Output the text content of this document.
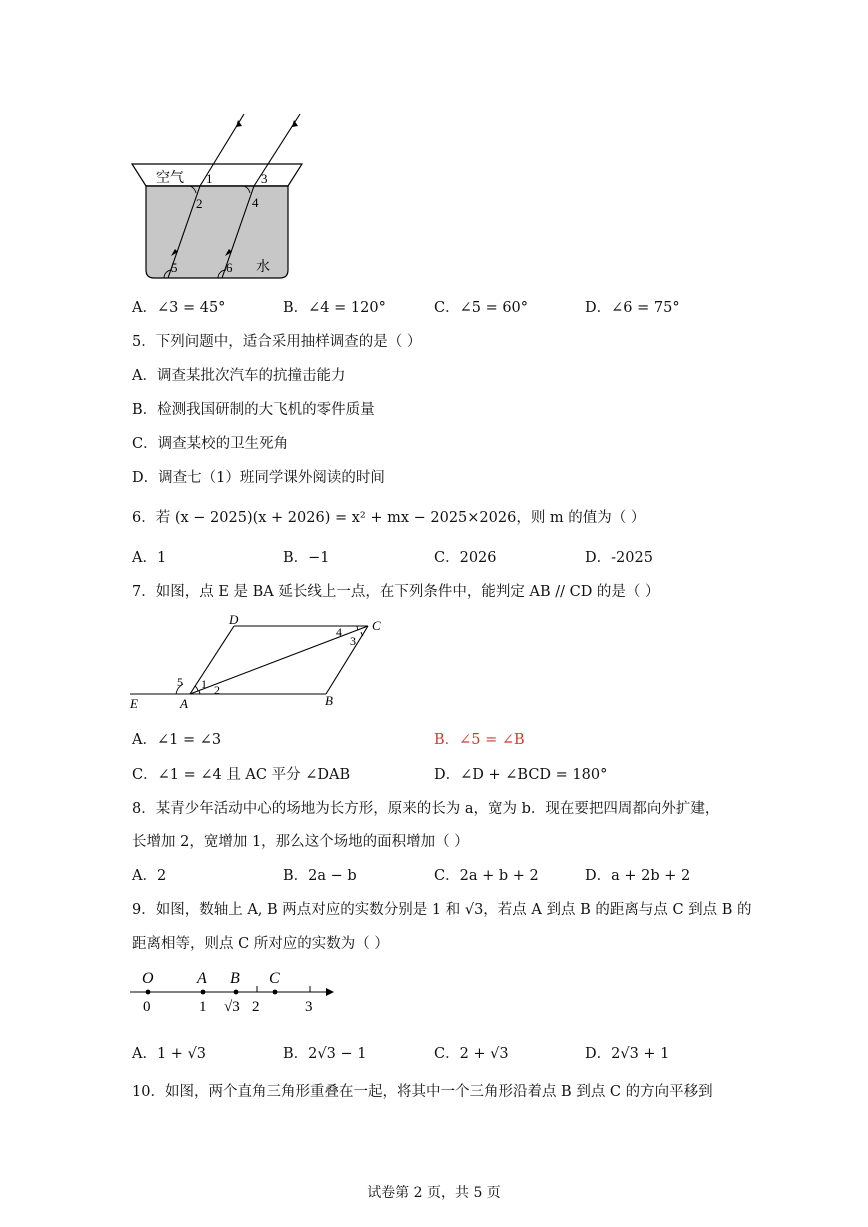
空气
水
1
2
3
4
5	6
A．∠3 = 45°	B．∠4 = 120°	C．∠5 = 60°	D．∠6 = 75°
5．下列问题中，适合采用抽样调查的是（ ）
A．调查某批次汽车的抗撞击能力
B．检测我国研制的大飞机的零件质量
C．调查某校的卫生死角
D．调查七（1）班同学课外阅读的时间
6．若 (x − 2025)(x + 2026) = x² + mx − 2025×2026，则 m 的值为（ ）
A．1	B．−1	C．2026	D．-2025
7．如图，点 E 是 BA 延长线上一点，在下列条件中，能判定 AB // CD 的是（ ）
D	C
E	A	B
1 2
3
4
5
A．∠1 = ∠3	B．∠5 = ∠B
C．∠1 = ∠4 且 AC 平分 ∠DAB	D．∠D + ∠BCD = 180°
8．某青少年活动中心的场地为长方形，原来的长为 a，宽为 b．现在要把四周都向外扩建，
长增加 2，宽增加 1，那么这个场地的面积增加（ ）
A．2	B．2a − b	C．2a + b + 2	D．a + 2b + 2
9．如图，数轴上 A, B 两点对应的实数分别是 1 和 √3，若点 A 到点 B 的距离与点 C 到点 B 的
距离相等，则点 C 所对应的实数为（ ）
O	A B C
0	1 √3 2	3
A．1 + √3	B．2√3 − 1	C．2 + √3	D．2√3 + 1
10．如图，两个直角三角形重叠在一起，将其中一个三角形沿着点 B 到点 C 的方向平移到
试卷第 2 页，共 5 页
